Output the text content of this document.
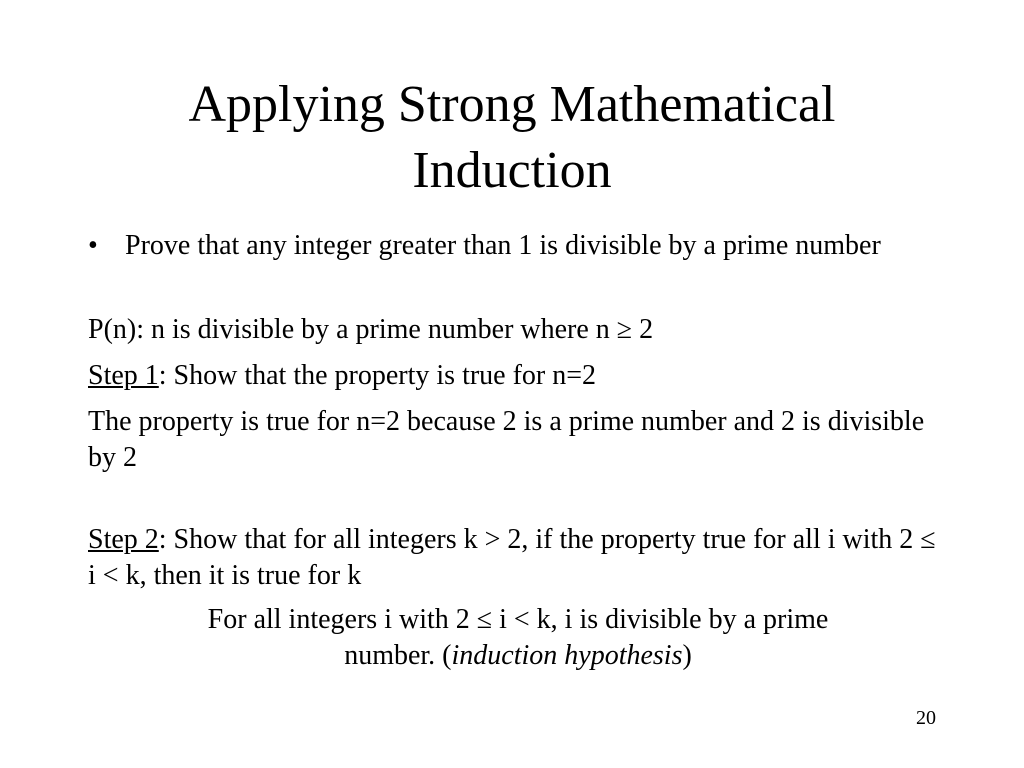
Applying Strong Mathematical
Induction
• Prove that any integer greater than 1 is divisible by a prime number

P(n): n is divisible by a prime number where n ≥ 2

Step 1: Show that the property is true for n=2

The property is true for n=2 because 2 is a prime number and 2 is divisible by 2

Step 2: Show that for all integers k > 2, if the property true for all i with 2 ≤ i < k, then it is true for k

For all integers i with 2 ≤ i < k, i is divisible by a prime
number. (induction hypothesis)

20
